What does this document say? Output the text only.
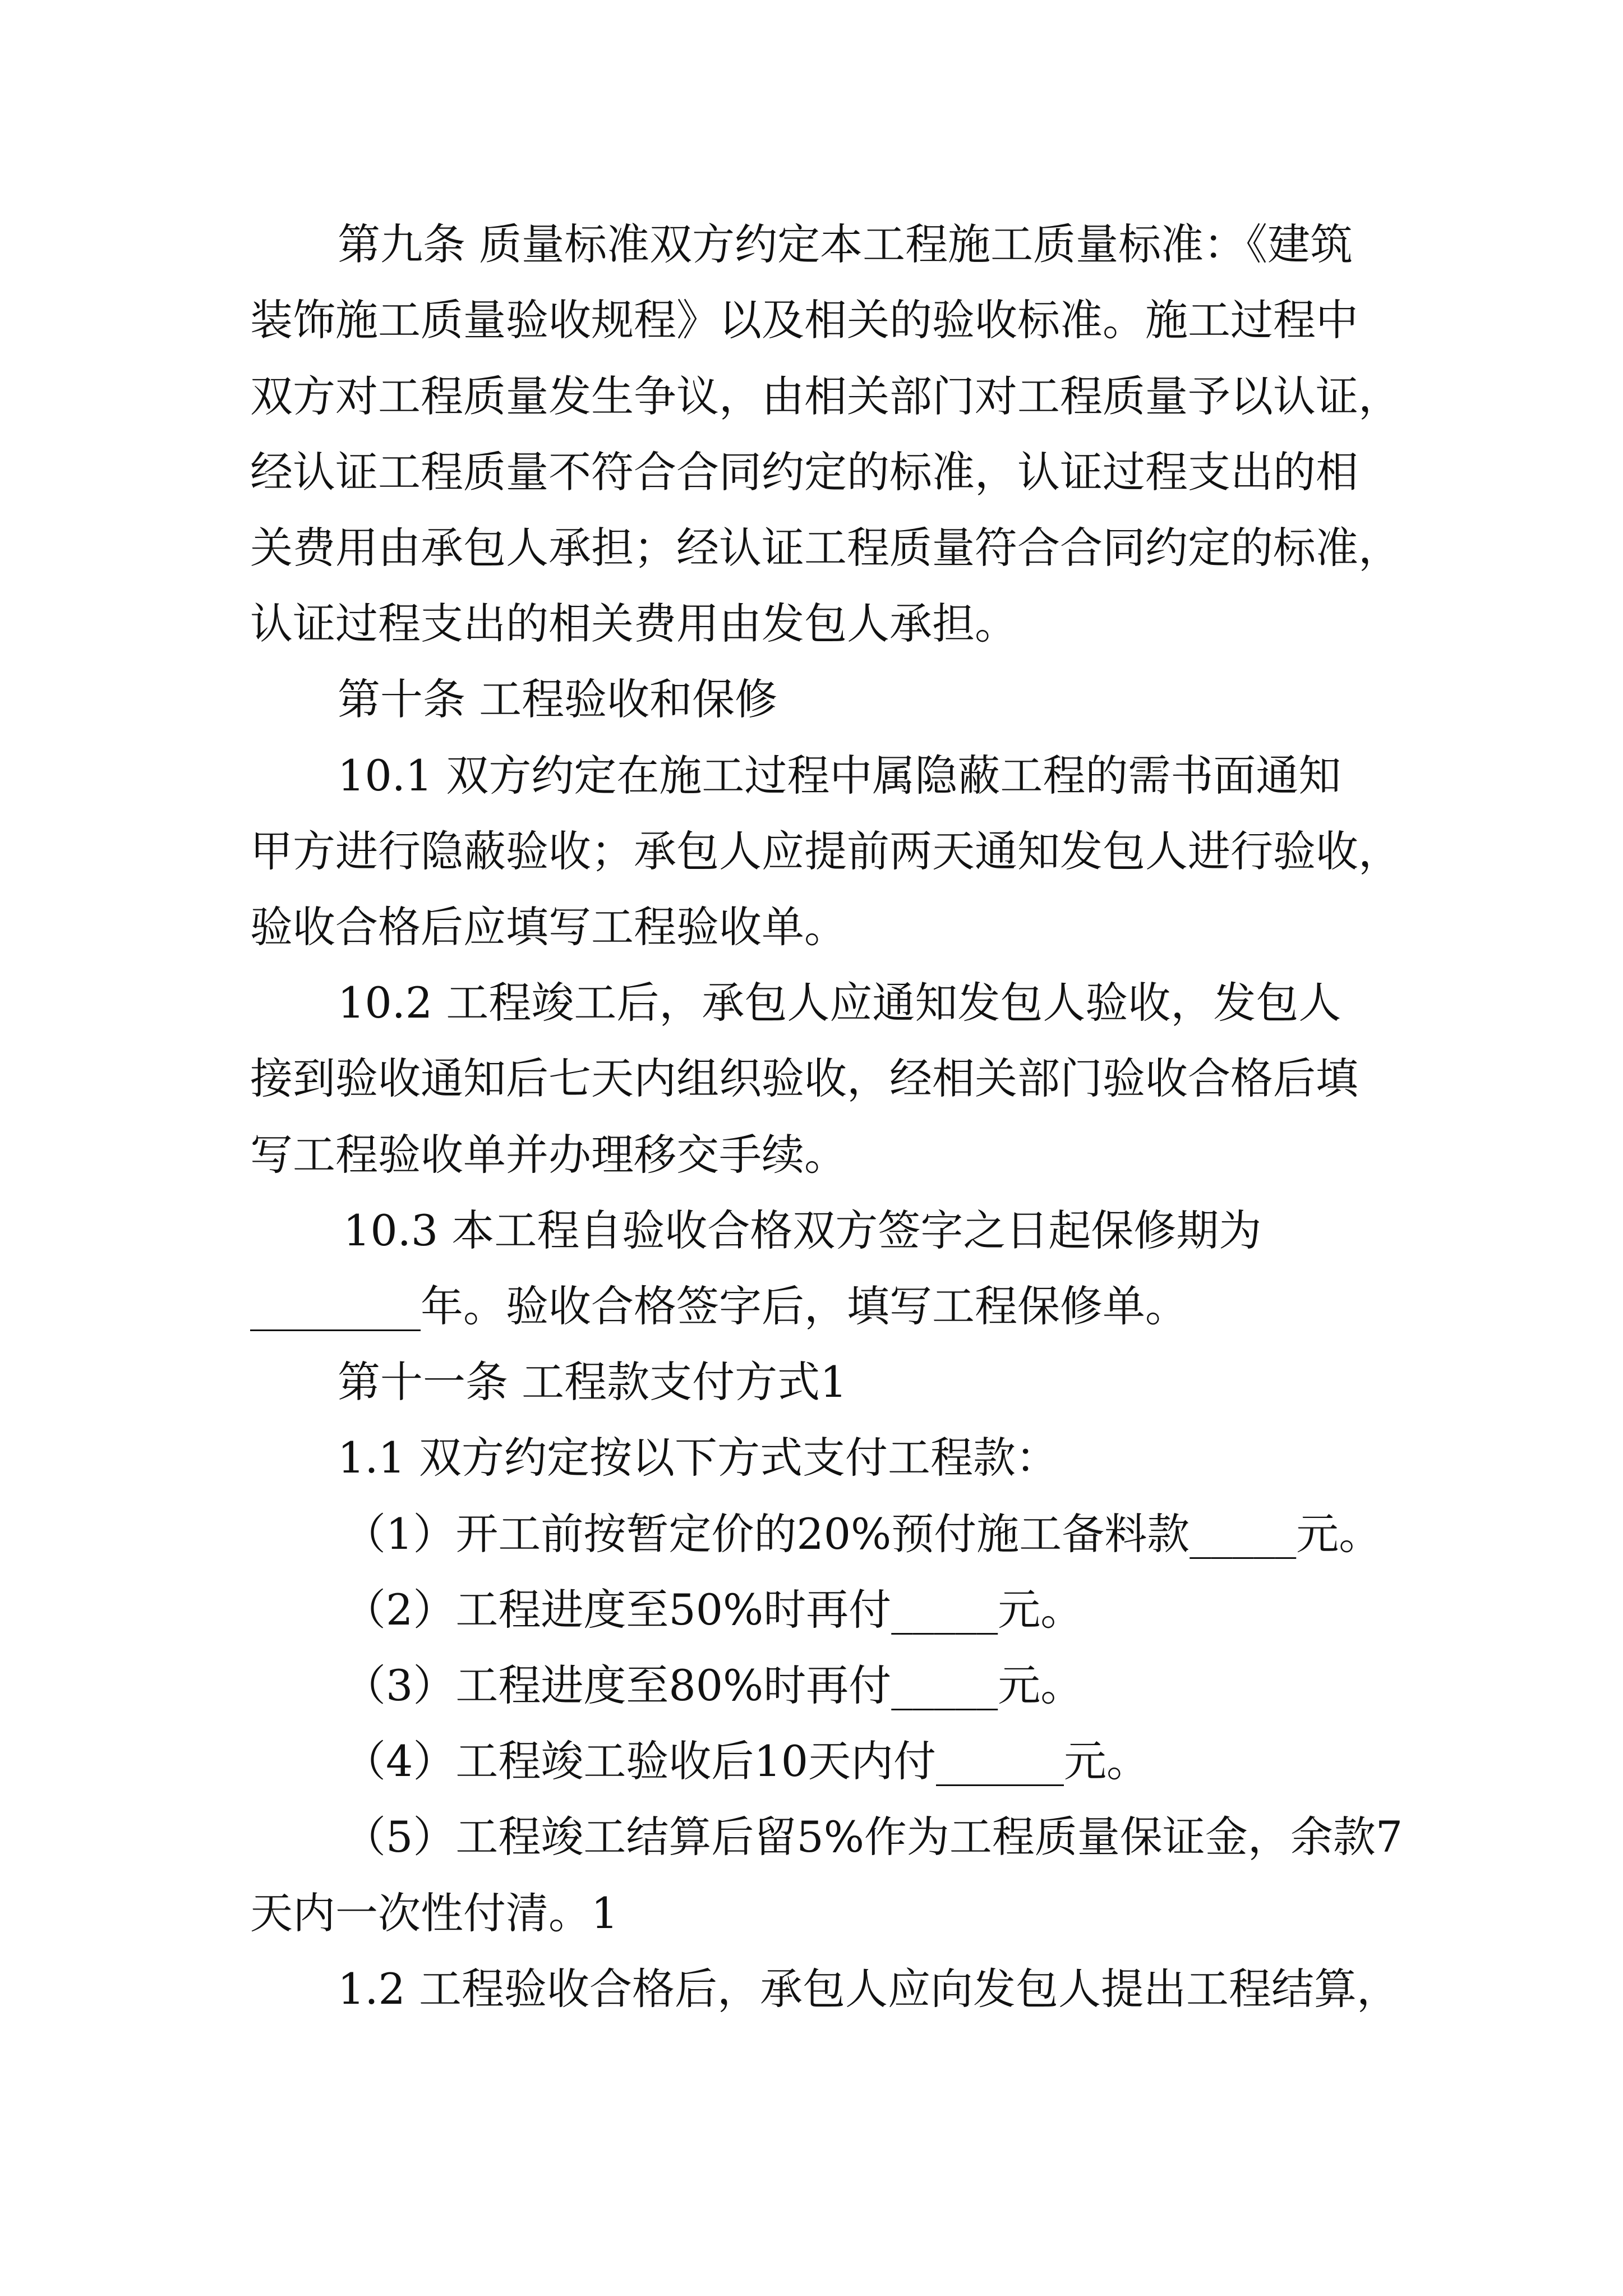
第九条 质量标准双方约定本工程施工质量标准：《建筑

装饰施工质量验收规程》以及相关的验收标准。施工过程中

双方对工程质量发生争议，由相关部门对工程质量予以认证，

经认证工程质量不符合合同约定的标准，认证过程支出的相

关费用由承包人承担；经认证工程质量符合合同约定的标准，

认证过程支出的相关费用由发包人承担。

第十条 工程验收和保修

10.1 双方约定在施工过程中属隐蔽工程的需书面通知

甲方进行隐蔽验收；承包人应提前两天通知发包人进行验收，

验收合格后应填写工程验收单。

10.2 工程竣工后，承包人应通知发包人验收，发包人

接到验收通知后七天内组织验收，经相关部门验收合格后填

写工程验收单并办理移交手续。

10.3 本工程自验收合格双方签字之日起保修期为

________年。验收合格签字后，填写工程保修单。

第十一条 工程款支付方式1

1.1 双方约定按以下方式支付工程款：

（1）开工前按暂定价的20%预付施工备料款_____元。

（2）工程进度至50%时再付_____元。

（3）工程进度至80%时再付_____元。

（4）工程竣工验收后10天内付______元。

（5）工程竣工结算后留5%作为工程质量保证金，余款7

天内一次性付清。1

1.2 工程验收合格后，承包人应向发包人提出工程结算，
